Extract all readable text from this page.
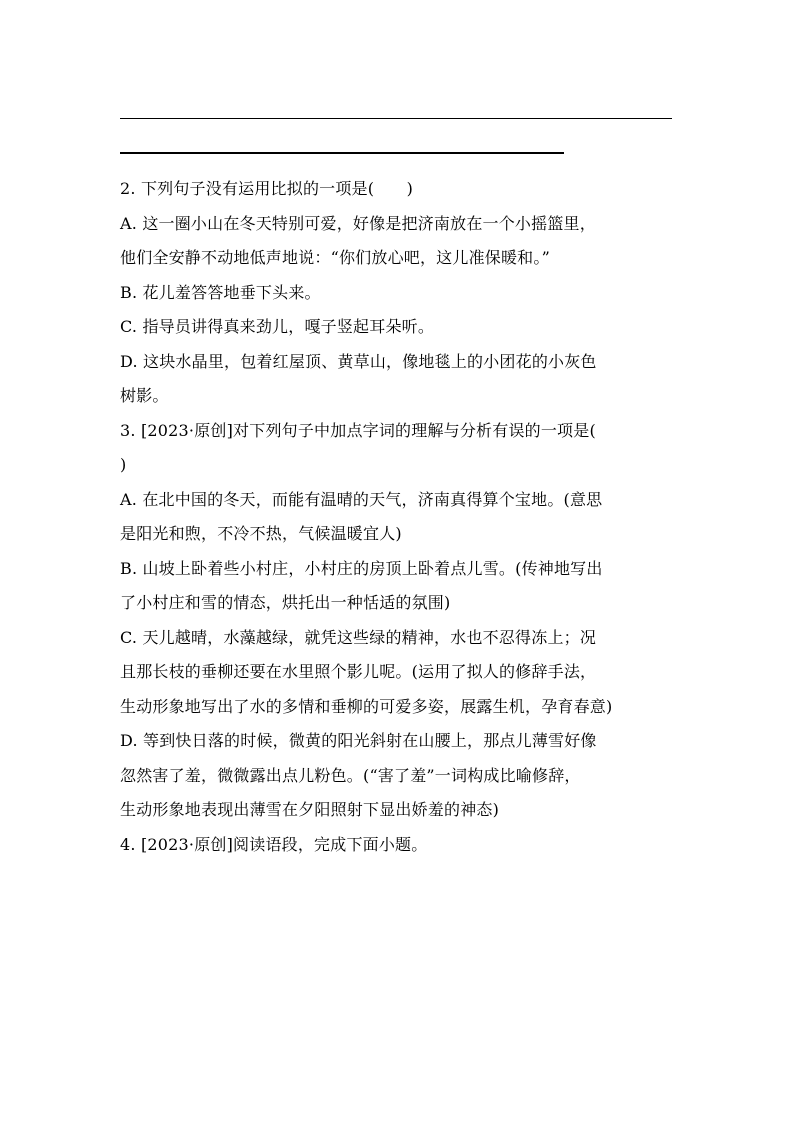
2. 下列句子没有运用比拟的一项是(　　)
A. 这一圈小山在冬天特别可爱，好像是把济南放在一个小摇篮里，
他们全安静不动地低声地说：“你们放心吧，这儿准保暖和。”
B. 花儿羞答答地垂下头来。
C. 指导员讲得真来劲儿，嘎子竖起耳朵听。
D. 这块水晶里，包着红屋顶、黄草山，像地毯上的小团花的小灰色
树影。
3. [2023·原创]对下列句子中加点字词的理解与分析有误的一项是(
)
A. 在北中国的冬天，而能有温晴的天气，济南真得算个宝地。(意思
是阳光和煦，不冷不热，气候温暖宜人)
B. 山坡上卧着些小村庄，小村庄的房顶上卧着点儿雪。(传神地写出
了小村庄和雪的情态，烘托出一种恬适的氛围)
C. 天儿越晴，水藻越绿，就凭这些绿的精神，水也不忍得冻上；况
且那长枝的垂柳还要在水里照个影儿呢。(运用了拟人的修辞手法，
生动形象地写出了水的多情和垂柳的可爱多姿，展露生机，孕育春意)
D. 等到快日落的时候，微黄的阳光斜射在山腰上，那点儿薄雪好像
忽然害了羞，微微露出点儿粉色。(“害了羞”一词构成比喻修辞，
生动形象地表现出薄雪在夕阳照射下显出娇羞的神态)
4. [2023·原创]阅读语段，完成下面小题。
